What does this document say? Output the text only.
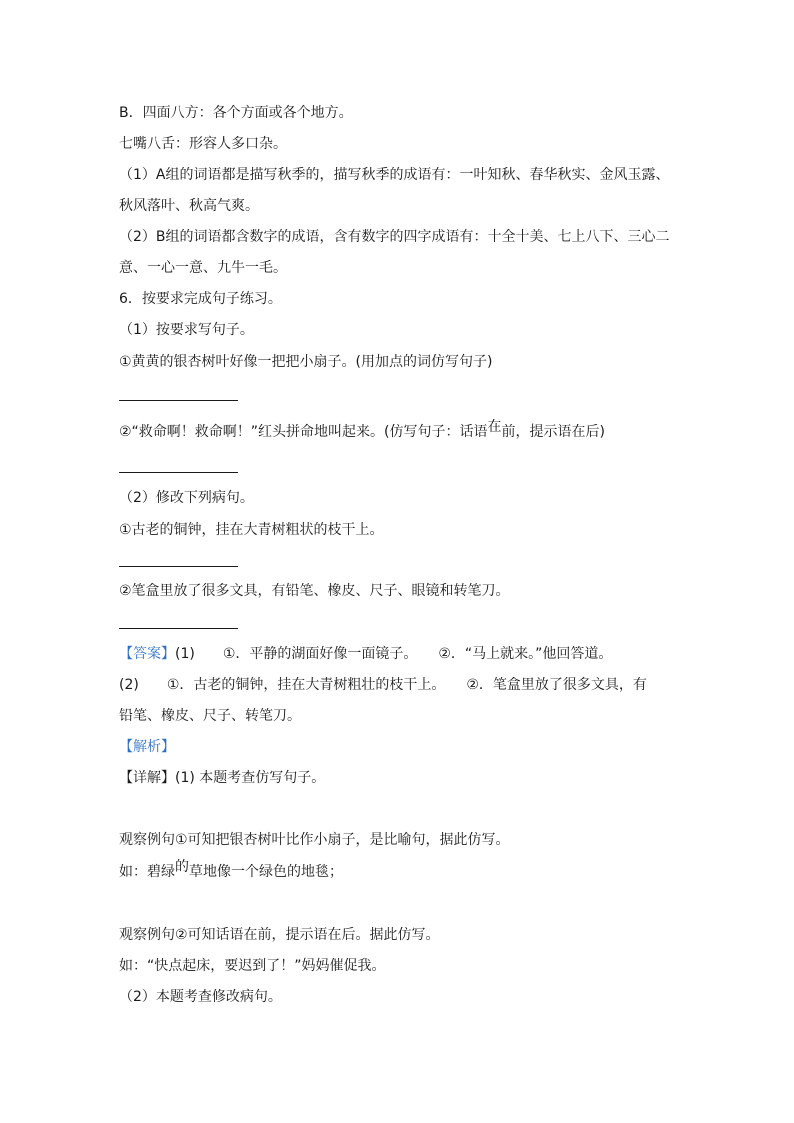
B．四面八方：各个方面或各个地方。
七嘴八舌：形容人多口杂。
（1）A组的词语都是描写秋季的，描写秋季的成语有：一叶知秋、春华秋实、金风玉露、
秋风落叶、秋高气爽。
（2）B组的词语都含数字的成语，含有数字的四字成语有：十全十美、七上八下、三心二
意、一心一意、九牛一毛。
6．按要求完成句子练习。
（1）按要求写句子。
①黄黄的银杏树叶好像一把把小扇子。(用加点的词仿写句子)
②“救命啊！救命啊！”红头拼命地叫起来。(仿写句子：话语在前，提示语在后)
（2）修改下列病句。
①古老的铜钟，挂在大青树粗状的枝干上。
②笔盒里放了很多文具，有铅笔、橡皮、尺子、眼镜和转笔刀。
【答案】(1)　　①．平静的湖面好像一面镜子。　　②．“马上就来。”他回答道。
(2)　　①．古老的铜钟，挂在大青树粗壮的枝干上。　　②．笔盒里放了很多文具，有
铅笔、橡皮、尺子、转笔刀。
【解析】
【详解】(1) 本题考查仿写句子。
观察例句①可知把银杏树叶比作小扇子，是比喻句，据此仿写。
如：碧绿的草地像一个绿色的地毯；
观察例句②可知话语在前，提示语在后。据此仿写。
如：“快点起床，要迟到了！”妈妈催促我。
（2）本题考查修改病句。
